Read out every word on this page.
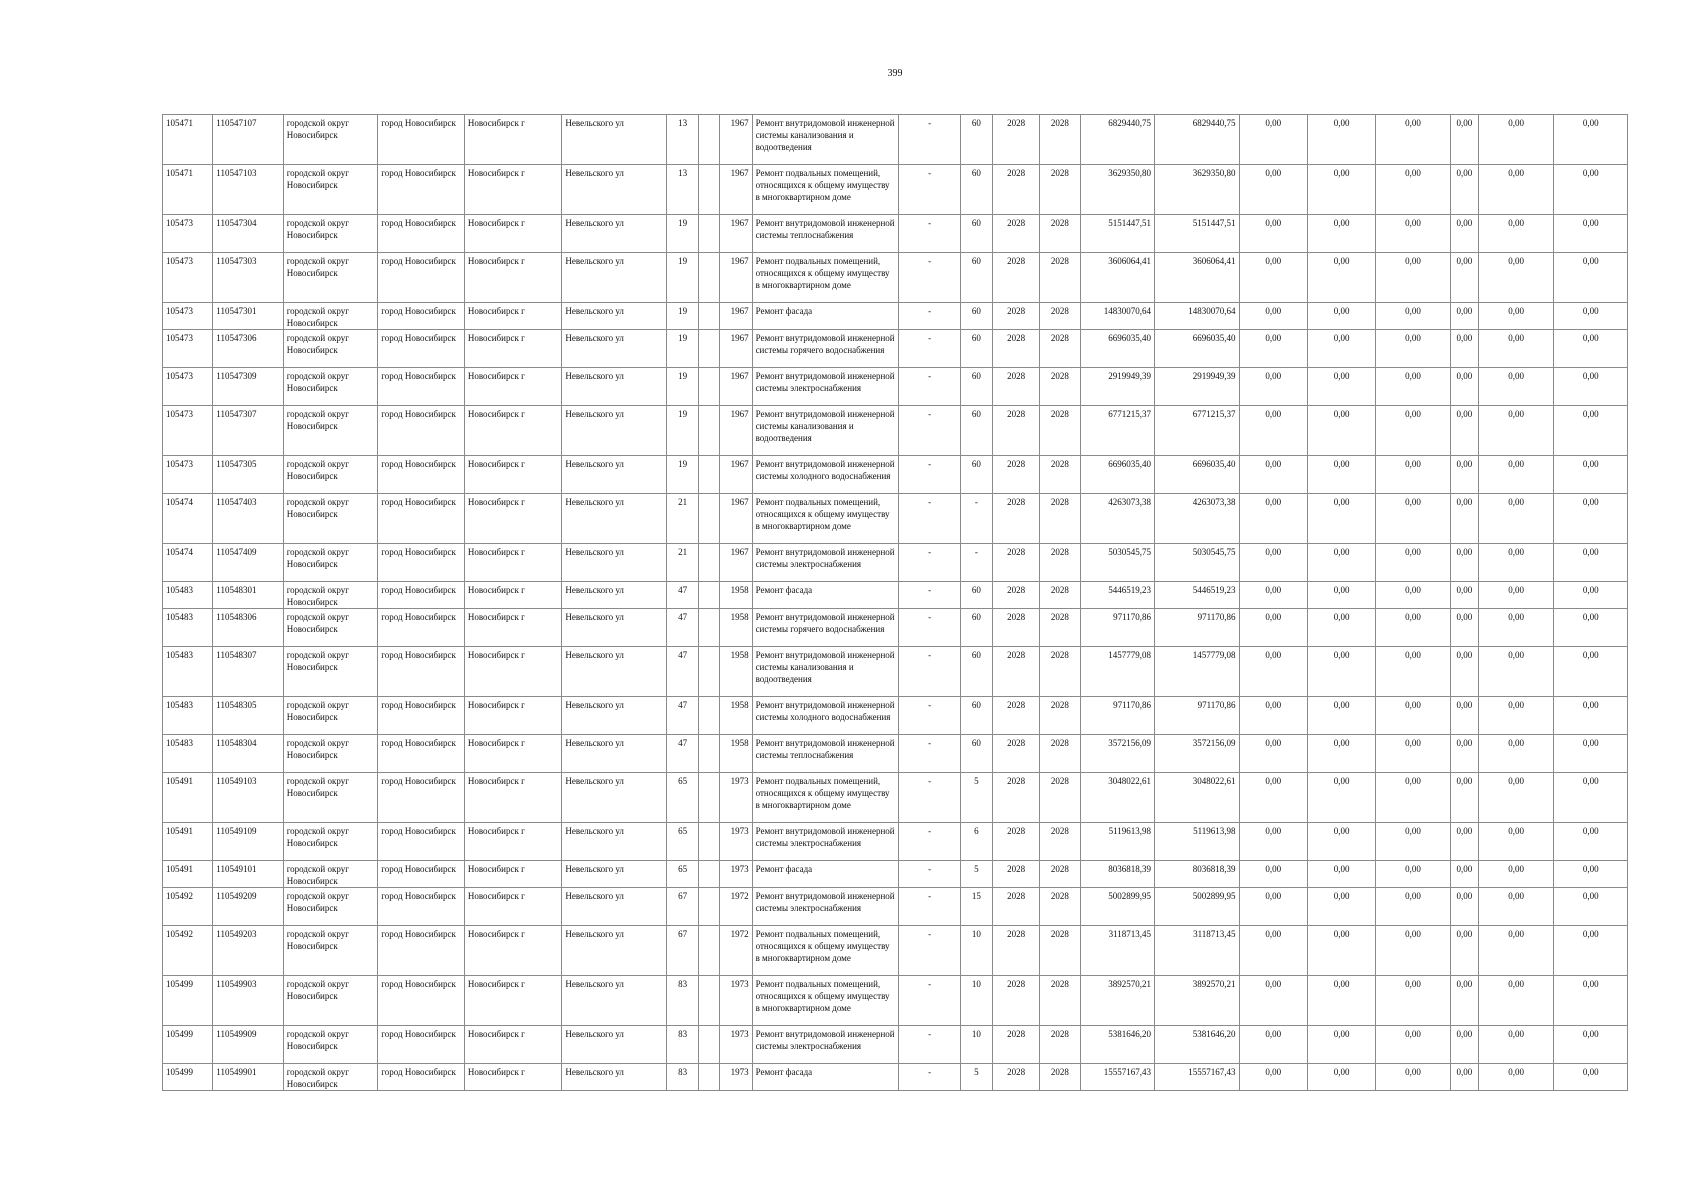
399
105471	110547107	городской округ Новосибирск	город Новосибирск	Новосибирск г	Невельского ул	13		1967	Ремонт внутридомовой инженерной системы канализования и водоотведения	-	60	2028	2028	6829440,75	6829440,75	0,00	0,00	0,00	0,00	0,00	0,00
105471	110547103	городской округ Новосибирск	город Новосибирск	Новосибирск г	Невельского ул	13		1967	Ремонт подвальных помещений, относящихся к общему имуществу в многоквартирном доме	-	60	2028	2028	3629350,80	3629350,80	0,00	0,00	0,00	0,00	0,00	0,00
105473	110547304	городской округ Новосибирск	город Новосибирск	Новосибирск г	Невельского ул	19		1967	Ремонт внутридомовой инженерной системы теплоснабжения	-	60	2028	2028	5151447,51	5151447,51	0,00	0,00	0,00	0,00	0,00	0,00
105473	110547303	городской округ Новосибирск	город Новосибирск	Новосибирск г	Невельского ул	19		1967	Ремонт подвальных помещений, относящихся к общему имуществу в многоквартирном доме	-	60	2028	2028	3606064,41	3606064,41	0,00	0,00	0,00	0,00	0,00	0,00
105473	110547301	городской округ Новосибирск	город Новосибирск	Новосибирск г	Невельского ул	19		1967	Ремонт фасада	-	60	2028	2028	14830070,64	14830070,64	0,00	0,00	0,00	0,00	0,00	0,00
105473	110547306	городской округ Новосибирск	город Новосибирск	Новосибирск г	Невельского ул	19		1967	Ремонт внутридомовой инженерной системы горячего водоснабжения	-	60	2028	2028	6696035,40	6696035,40	0,00	0,00	0,00	0,00	0,00	0,00
105473	110547309	городской округ Новосибирск	город Новосибирск	Новосибирск г	Невельского ул	19		1967	Ремонт внутридомовой инженерной системы электроснабжения	-	60	2028	2028	2919949,39	2919949,39	0,00	0,00	0,00	0,00	0,00	0,00
105473	110547307	городской округ Новосибирск	город Новосибирск	Новосибирск г	Невельского ул	19		1967	Ремонт внутридомовой инженерной системы канализования и водоотведения	-	60	2028	2028	6771215,37	6771215,37	0,00	0,00	0,00	0,00	0,00	0,00
105473	110547305	городской округ Новосибирск	город Новосибирск	Новосибирск г	Невельского ул	19		1967	Ремонт внутридомовой инженерной системы холодного водоснабжения	-	60	2028	2028	6696035,40	6696035,40	0,00	0,00	0,00	0,00	0,00	0,00
105474	110547403	городской округ Новосибирск	город Новосибирск	Новосибирск г	Невельского ул	21		1967	Ремонт подвальных помещений, относящихся к общему имуществу в многоквартирном доме	-	-	2028	2028	4263073,38	4263073,38	0,00	0,00	0,00	0,00	0,00	0,00
105474	110547409	городской округ Новосибирск	город Новосибирск	Новосибирск г	Невельского ул	21		1967	Ремонт внутридомовой инженерной системы электроснабжения	-	-	2028	2028	5030545,75	5030545,75	0,00	0,00	0,00	0,00	0,00	0,00
105483	110548301	городской округ Новосибирск	город Новосибирск	Новосибирск г	Невельского ул	47		1958	Ремонт фасада	-	60	2028	2028	5446519,23	5446519,23	0,00	0,00	0,00	0,00	0,00	0,00
105483	110548306	городской округ Новосибирск	город Новосибирск	Новосибирск г	Невельского ул	47		1958	Ремонт внутридомовой инженерной системы горячего водоснабжения	-	60	2028	2028	971170,86	971170,86	0,00	0,00	0,00	0,00	0,00	0,00
105483	110548307	городской округ Новосибирск	город Новосибирск	Новосибирск г	Невельского ул	47		1958	Ремонт внутридомовой инженерной системы канализования и водоотведения	-	60	2028	2028	1457779,08	1457779,08	0,00	0,00	0,00	0,00	0,00	0,00
105483	110548305	городской округ Новосибирск	город Новосибирск	Новосибирск г	Невельского ул	47		1958	Ремонт внутридомовой инженерной системы холодного водоснабжения	-	60	2028	2028	971170,86	971170,86	0,00	0,00	0,00	0,00	0,00	0,00
105483	110548304	городской округ Новосибирск	город Новосибирск	Новосибирск г	Невельского ул	47		1958	Ремонт внутридомовой инженерной системы теплоснабжения	-	60	2028	2028	3572156,09	3572156,09	0,00	0,00	0,00	0,00	0,00	0,00
105491	110549103	городской округ Новосибирск	город Новосибирск	Новосибирск г	Невельского ул	65		1973	Ремонт подвальных помещений, относящихся к общему имуществу в многоквартирном доме	-	5	2028	2028	3048022,61	3048022,61	0,00	0,00	0,00	0,00	0,00	0,00
105491	110549109	городской округ Новосибирск	город Новосибирск	Новосибирск г	Невельского ул	65		1973	Ремонт внутридомовой инженерной системы электроснабжения	-	6	2028	2028	5119613,98	5119613,98	0,00	0,00	0,00	0,00	0,00	0,00
105491	110549101	городской округ Новосибирск	город Новосибирск	Новосибирск г	Невельского ул	65		1973	Ремонт фасада	-	5	2028	2028	8036818,39	8036818,39	0,00	0,00	0,00	0,00	0,00	0,00
105492	110549209	городской округ Новосибирск	город Новосибирск	Новосибирск г	Невельского ул	67		1972	Ремонт внутридомовой инженерной системы электроснабжения	-	15	2028	2028	5002899,95	5002899,95	0,00	0,00	0,00	0,00	0,00	0,00
105492	110549203	городской округ Новосибирск	город Новосибирск	Новосибирск г	Невельского ул	67		1972	Ремонт подвальных помещений, относящихся к общему имуществу в многоквартирном доме	-	10	2028	2028	3118713,45	3118713,45	0,00	0,00	0,00	0,00	0,00	0,00
105499	110549903	городской округ Новосибирск	город Новосибирск	Новосибирск г	Невельского ул	83		1973	Ремонт подвальных помещений, относящихся к общему имуществу в многоквартирном доме	-	10	2028	2028	3892570,21	3892570,21	0,00	0,00	0,00	0,00	0,00	0,00
105499	110549909	городской округ Новосибирск	город Новосибирск	Новосибирск г	Невельского ул	83		1973	Ремонт внутридомовой инженерной системы электроснабжения	-	10	2028	2028	5381646,20	5381646,20	0,00	0,00	0,00	0,00	0,00	0,00
105499	110549901	городской округ Новосибирск	город Новосибирск	Новосибирск г	Невельского ул	83		1973	Ремонт фасада	-	5	2028	2028	15557167,43	15557167,43	0,00	0,00	0,00	0,00	0,00	0,00
